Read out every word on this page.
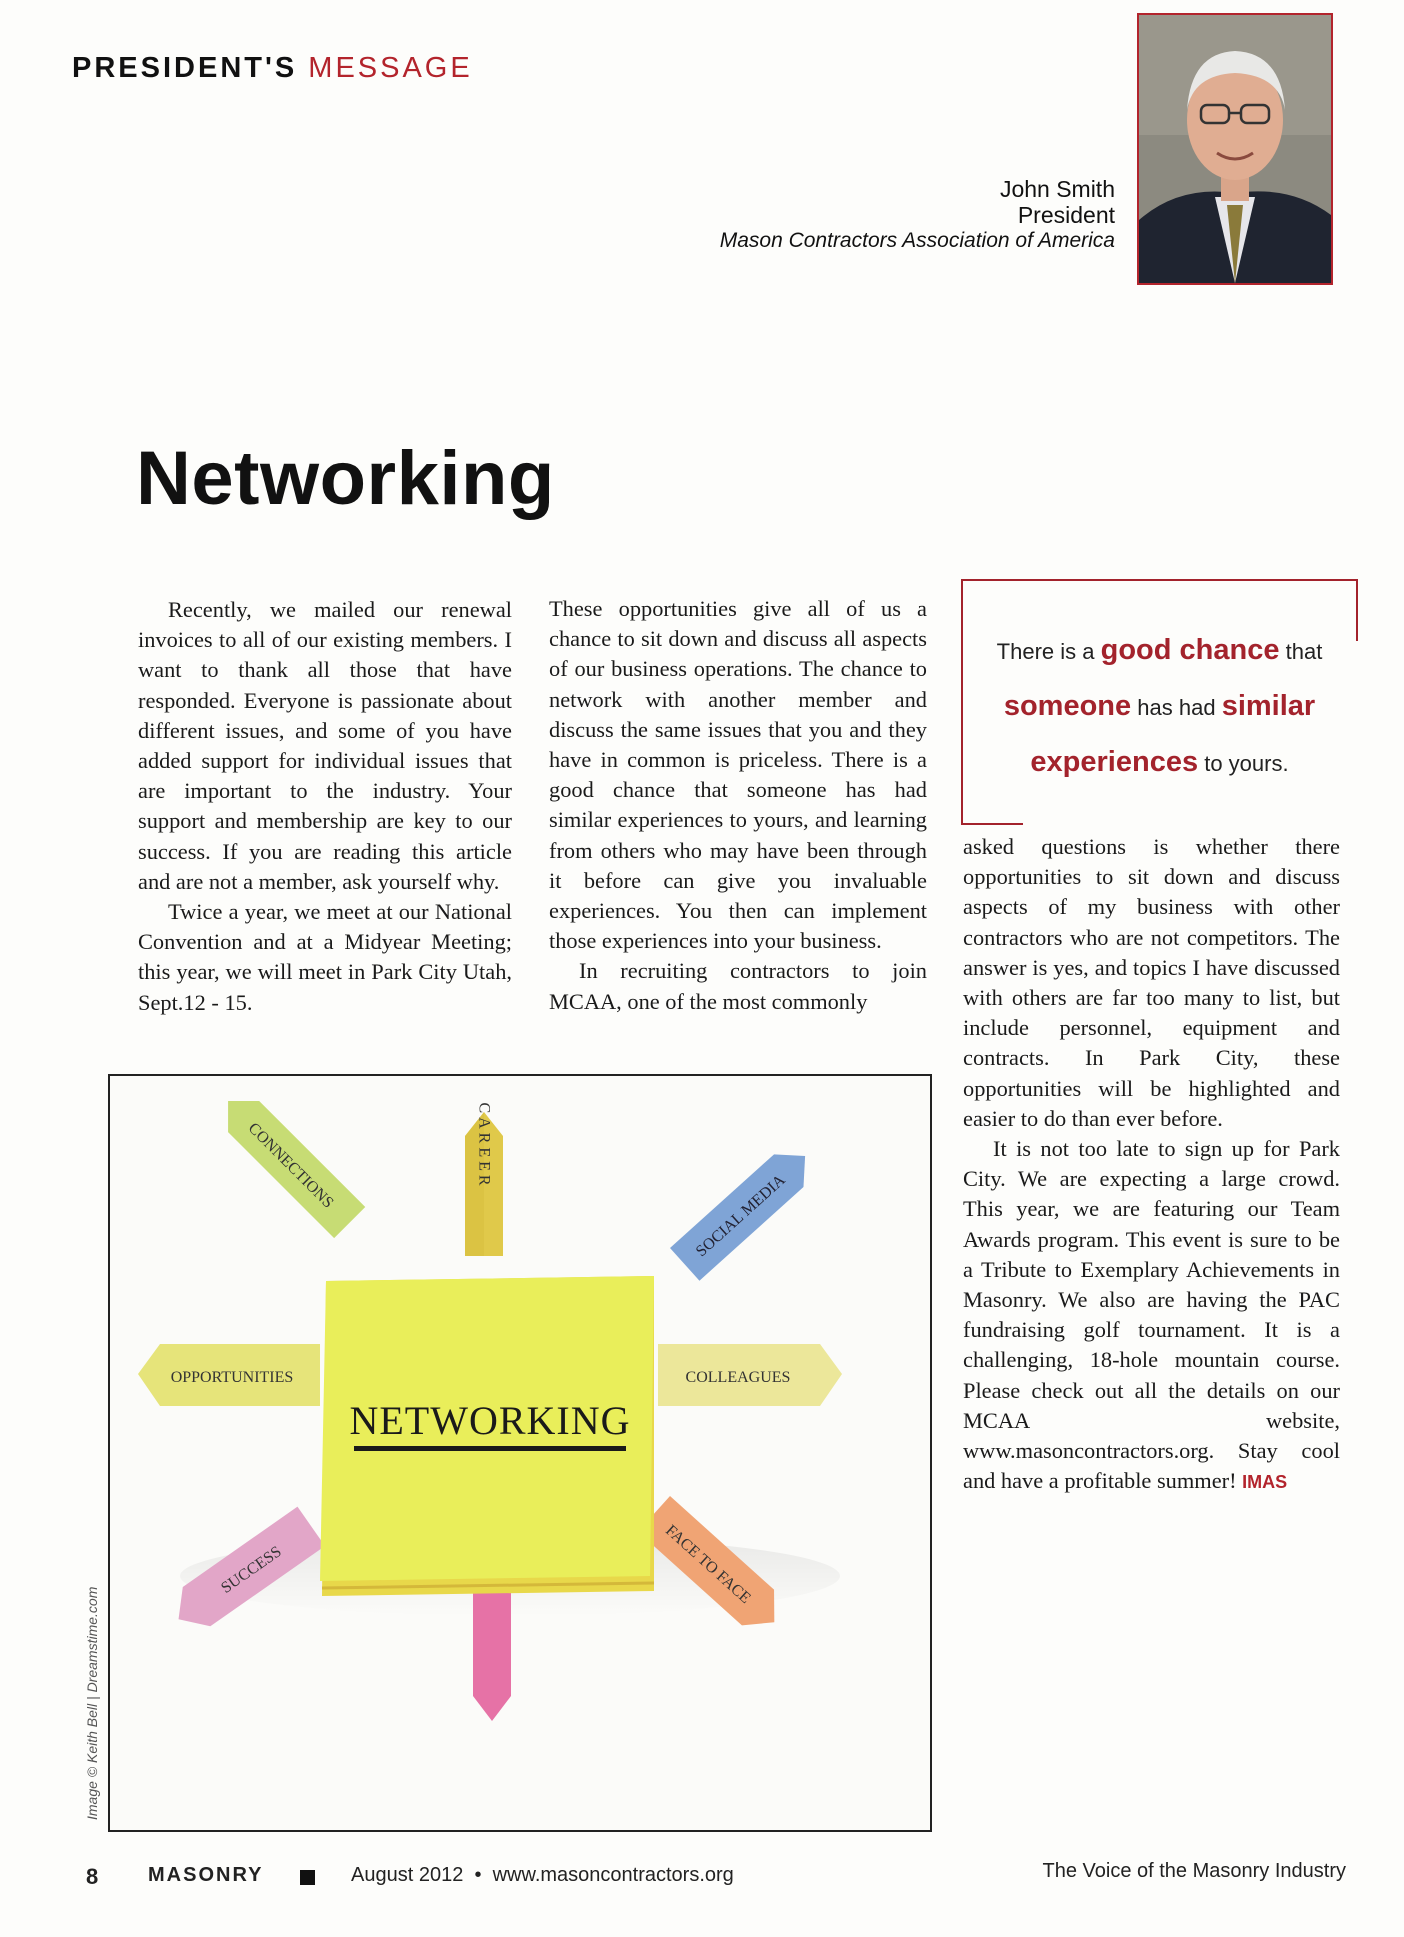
PRESIDENT'S MESSAGE
John Smith
President
Mason Contractors Association of America
Networking

Recently, we mailed our renewal invoices to all of our existing members. I want to thank all those that have responded. Everyone is passionate about different issues, and some of you have added support for individual issues that are important to the industry. Your support and membership are key to our success. If you are reading this article and are not a member, ask yourself why.

Twice a year, we meet at our National Convention and at a Midyear Meeting; this year, we will meet in Park City Utah, Sept.12 - 15.

These opportunities give all of us a chance to sit down and discuss all aspects of our business operations. The chance to network with another member and discuss the same issues that you and they have in common is priceless. There is a good chance that someone has had similar experiences to yours, and learning from others who may have been through it before can give you invaluable experiences. You then can implement those experiences into your business.

In recruiting contractors to join MCAA, one of the most commonly

There is a good chance that
someone has had similar
experiences to yours.

asked questions is whether there opportunities to sit down and discuss aspects of my business with other contractors who are not competitors. The answer is yes, and topics I have discussed with others are far too many to list, but include personnel, equipment and contracts. In Park City, these opportunities will be highlighted and easier to do than ever before.

It is not too late to sign up for Park City. We are expecting a large crowd. This year, we are featuring our Team Awards program. This event is sure to be a Tribute to Exemplary Achievements in Masonry. We also are having the PAC fundraising golf tournament. It is a challenging, 18-hole mountain course. Please check out all the details on our MCAA website, www.masoncontractors.org. Stay cool and have a profitable summer! IMAS

CAREER
CONNECTIONS
SOCIAL MEDIA
OPPORTUNITIES	COLLEAGUES
SUCCESS	FACE TO FACE
NETWORKING
Image © Keith Bell | Dreamstime.com
8 MASONRY	August 2012 • www.masoncontractors.org	The Voice of the Masonry Industry
